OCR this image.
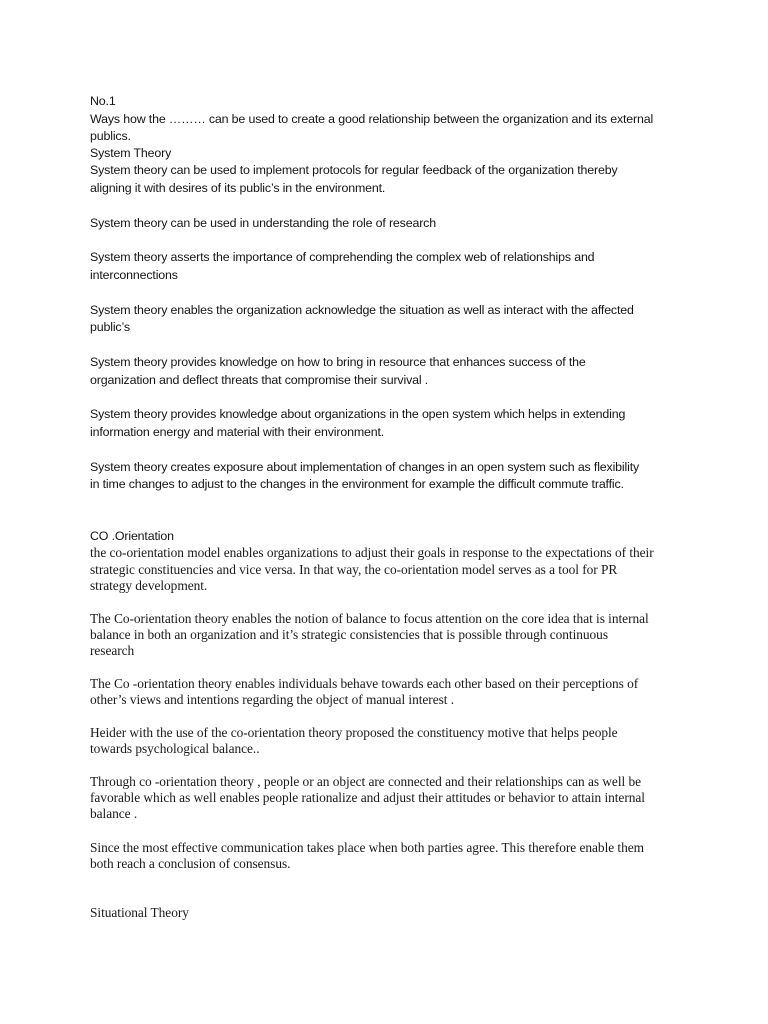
No.1
Ways how the ……… can be used to create a good relationship between the organization and its external
publics.
System Theory
System theory can be used to implement protocols for regular feedback of the organization thereby
aligning it with desires of its public’s in the environment.
System theory can be used in understanding the role of research
System theory asserts the importance of comprehending the complex web of relationships and
interconnections
System theory enables the organization acknowledge the situation as well as interact with the affected
public’s
System theory provides knowledge on how to bring in resource that enhances success of the
organization and deflect threats that compromise their survival .
System theory provides knowledge about organizations in the open system which helps in extending
information energy and material with their environment.
System theory creates exposure about implementation of changes in an open system such as flexibility
in time changes to adjust to the changes in the environment for example the difficult commute traffic.
CO .Orientation
the co-orientation model enables organizations to adjust their goals in response to the expectations of their
strategic constituencies and vice versa. In that way, the co-orientation model serves as a tool for PR
strategy development.
The Co-orientation theory enables the notion of balance to focus attention on the core idea that is internal
balance in both an organization and it’s strategic consistencies that is possible through continuous
research
The Co -orientation theory enables individuals behave towards each other based on their perceptions of
other’s views and intentions regarding the object of manual interest .
Heider with the use of the co-orientation theory proposed the constituency motive that helps people
towards psychological balance..
Through co -orientation theory , people or an object are connected and their relationships can as well be
favorable which as well enables people rationalize and adjust their attitudes or behavior to attain internal
balance .
Since the most effective communication takes place when both parties agree. This therefore enable them
both reach a conclusion of consensus.
Situational Theory
